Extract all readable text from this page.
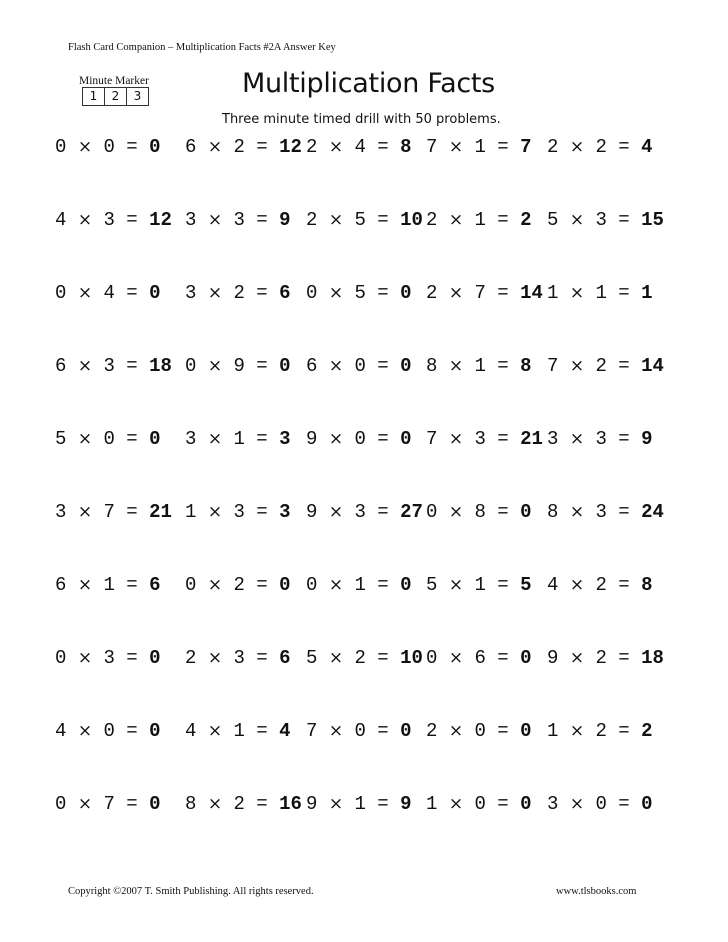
Flash Card Companion – Multiplication Facts #2A Answer Key
Minute Marker
1	2	3	Multiplication Facts
Three minute timed drill with 50 problems.
0 × 0 = 0 6 × 2 = 12 2 × 4 = 8 7 × 1 = 7 2 × 2 = 4
4 × 3 = 12 3 × 3 = 9 2 × 5 = 10 2 × 1 = 2 5 × 3 = 15
0 × 4 = 0 3 × 2 = 6 0 × 5 = 0 2 × 7 = 14 1 × 1 = 1
6 × 3 = 18 0 × 9 = 0 6 × 0 = 0 8 × 1 = 8 7 × 2 = 14
5 × 0 = 0 3 × 1 = 3 9 × 0 = 0 7 × 3 = 21 3 × 3 = 9
3 × 7 = 21 1 × 3 = 3 9 × 3 = 27 0 × 8 = 0 8 × 3 = 24
6 × 1 = 6 0 × 2 = 0 0 × 1 = 0 5 × 1 = 5 4 × 2 = 8
0 × 3 = 0 2 × 3 = 6 5 × 2 = 10 0 × 6 = 0 9 × 2 = 18
4 × 0 = 0 4 × 1 = 4 7 × 0 = 0 2 × 0 = 0 1 × 2 = 2
0 × 7 = 0 8 × 2 = 16 9 × 1 = 9 1 × 0 = 0 3 × 0 = 0
Copyright ©2007 T. Smith Publishing. All rights reserved.	www.tlsbooks.com
